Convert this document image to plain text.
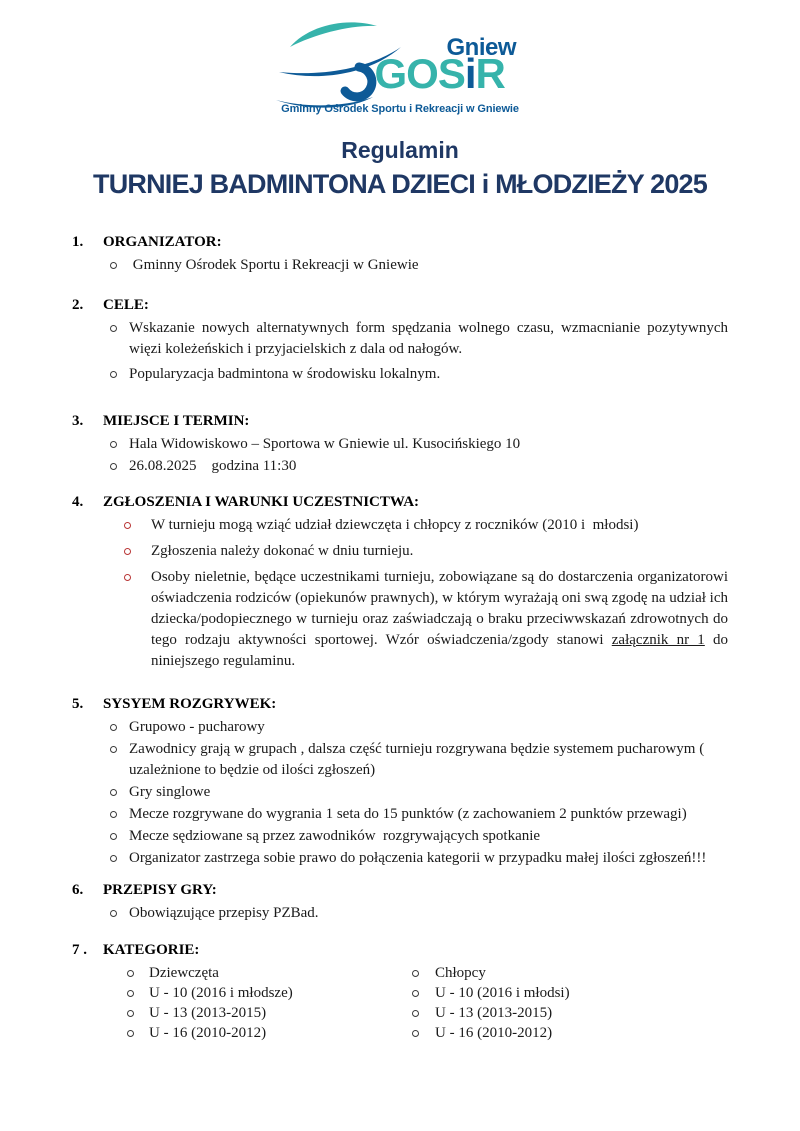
Gniew
GOSiR
Gminny Ośrodek Sportu i Rekreacji w Gniewie
Regulamin
TURNIEJ BADMINTONA DZIECI i MŁODZIEŻY 2025
1.	ORGANIZATOR:
Gminny Ośrodek Sportu i Rekreacji w Gniewie
2.	CELE:
Wskazanie nowych alternatywnych form spędzania wolnego czasu, wzmacnianie pozytywnych więzi koleżeńskich i przyjacielskich z dala od nałogów.
Popularyzacja badmintona w środowisku lokalnym.
3.	MIEJSCE I TERMIN:
Hala Widowiskowo – Sportowa w Gniewie ul. Kusocińskiego 10
26.08.2025    godzina 11:30
4.	ZGŁOSZENIA I WARUNKI UCZESTNICTWA:
W turnieju mogą wziąć udział dziewczęta i chłopcy z roczników (2010 i  młodsi)
Zgłoszenia należy dokonać w dniu turnieju.
Osoby nieletnie, będące uczestnikami turnieju, zobowiązane są do dostarczenia organizatorowi oświadczenia rodziców (opiekunów prawnych), w którym wyrażają oni swą zgodę na udział ich dziecka/podopiecznego w turnieju oraz zaświadczają o braku przeciwwskazań zdrowotnych do tego rodzaju aktywności sportowej. Wzór oświadczenia/zgody stanowi załącznik nr 1 do niniejszego regulaminu.
5.	SYSYEM ROZGRYWEK:
Grupowo - pucharowy
Zawodnicy grają w grupach , dalsza część turnieju rozgrywana będzie systemem pucharowym ( uzależnione to będzie od ilości zgłoszeń)
Gry singlowe
Mecze rozgrywane do wygrania 1 seta do 15 punktów (z zachowaniem 2 punktów przewagi)
Mecze sędziowane są przez zawodników  rozgrywających spotkanie
Organizator zastrzega sobie prawo do połączenia kategorii w przypadku małej ilości zgłoszeń!!!
6.	PRZEPISY GRY:
Obowiązujące przepisy PZBad.
7 .	KATEGORIE:
Dziewczęta
U - 10 (2016 i młodsze)
U - 13 (2013-2015)
U - 16 (2010-2012)
Chłopcy
U - 10 (2016 i młodsi)
U - 13 (2013-2015)
U - 16 (2010-2012)
